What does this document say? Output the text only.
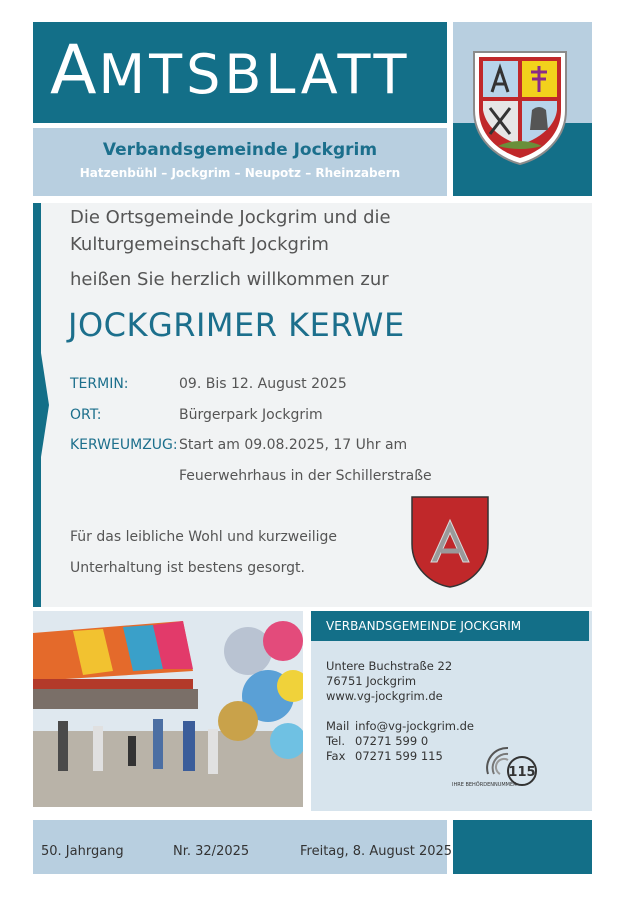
AMTSBLATT
Verbandsgemeinde Jockgrim
Hatzenbühl – Jockgrim – Neupotz – Rheinzabern
Die Ortsgemeinde Jockgrim und die Kulturgemeinschaft Jockgrim
heißen Sie herzlich willkommen zur
JOCKGRIMER KERWE
TERMIN:	09. Bis 12. August 2025
ORT:	Bürgerpark Jockgrim
KERWEUMZUG: Start am 09.08.2025, 17 Uhr am
Feuerwehrhaus in der Schillerstraße
Für das leibliche Wohl und kurzweilige
Unterhaltung ist bestens gesorgt.
VERBANDSGEMEINDE JOCKGRIM
Untere Buchstraße 22
76751 Jockgrim
www.vg-jockgrim.de
Mail info@vg-jockgrim.de
Tel. 07271 599 0
Fax 07271 599 115
115
IHRE BEHÖRDENNUMMER
50. Jahrgang	Nr. 32/2025	Freitag, 8. August 2025
